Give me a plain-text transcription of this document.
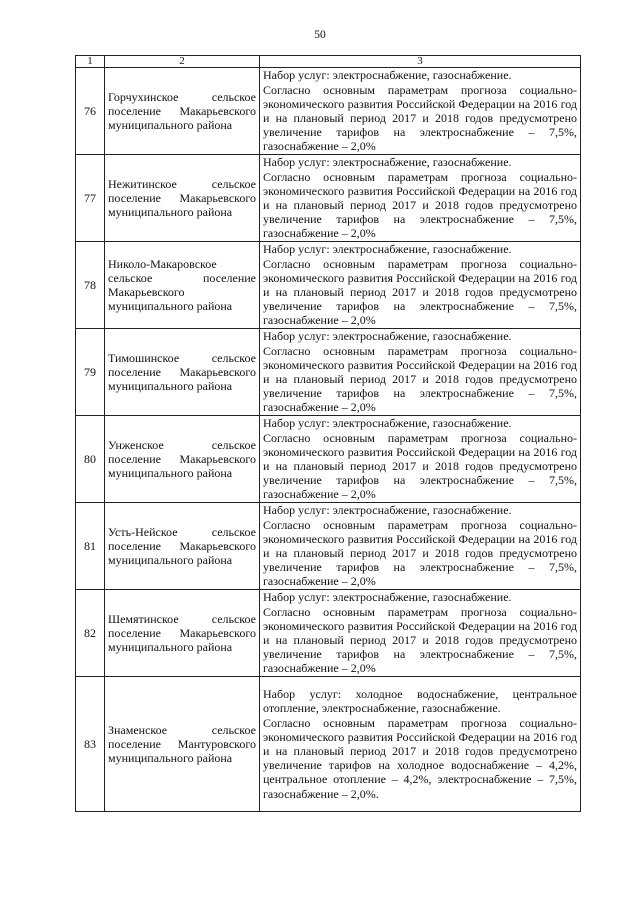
50
1	2	3
76	Горчухинское сельское поселение Макарьевского муниципального района	Набор услуг: электроснабжение, газоснабжение.

Согласно основным параметрам прогноза социально-экономического развития Российской Федерации на 2016 год и на плановый период 2017 и 2018 годов предусмотрено увеличение тарифов на электроснабжение – 7,5%, газоснабжение – 2,0%

77	Нежитинское сельское поселение Макарьевского муниципального района	Набор услуг: электроснабжение, газоснабжение.

Согласно основным параметрам прогноза социально-экономического развития Российской Федерации на 2016 год и на плановый период 2017 и 2018 годов предусмотрено увеличение тарифов на электроснабжение – 7,5%, газоснабжение – 2,0%

78	Николо-Макаровское сельское поселение Макарьевского муниципального района	Набор услуг: электроснабжение, газоснабжение.

Согласно основным параметрам прогноза социально-экономического развития Российской Федерации на 2016 год и на плановый период 2017 и 2018 годов предусмотрено увеличение тарифов на электроснабжение – 7,5%, газоснабжение – 2,0%

79	Тимошинское сельское поселение Макарьевского муниципального района	Набор услуг: электроснабжение, газоснабжение.

Согласно основным параметрам прогноза социально-экономического развития Российской Федерации на 2016 год и на плановый период 2017 и 2018 годов предусмотрено увеличение тарифов на электроснабжение – 7,5%, газоснабжение – 2,0%

80	Унженское сельское поселение Макарьевского муниципального района	Набор услуг: электроснабжение, газоснабжение.

Согласно основным параметрам прогноза социально-экономического развития Российской Федерации на 2016 год и на плановый период 2017 и 2018 годов предусмотрено увеличение тарифов на электроснабжение – 7,5%, газоснабжение – 2,0%

81	Усть-Нейское сельское поселение Макарьевского муниципального района	Набор услуг: электроснабжение, газоснабжение.

Согласно основным параметрам прогноза социально-экономического развития Российской Федерации на 2016 год и на плановый период 2017 и 2018 годов предусмотрено увеличение тарифов на электроснабжение – 7,5%, газоснабжение – 2,0%

82	Шемятинское сельское поселение Макарьевского муниципального района	Набор услуг: электроснабжение, газоснабжение.

Согласно основным параметрам прогноза социально-экономического развития Российской Федерации на 2016 год и на плановый период 2017 и 2018 годов предусмотрено увеличение тарифов на электроснабжение – 7,5%, газоснабжение – 2,0%

83	Знаменское сельское поселение Мантуровского муниципального района	Набор услуг: холодное водоснабжение, центральное отопление, электроснабжение, газоснабжение.

Согласно основным параметрам прогноза социально-экономического развития Российской Федерации на 2016 год и на плановый период 2017 и 2018 годов предусмотрено увеличение тарифов на холодное водоснабжение – 4,2%, центральное отопление – 4,2%, электроснабжение – 7,5%, газоснабжение – 2,0%.
